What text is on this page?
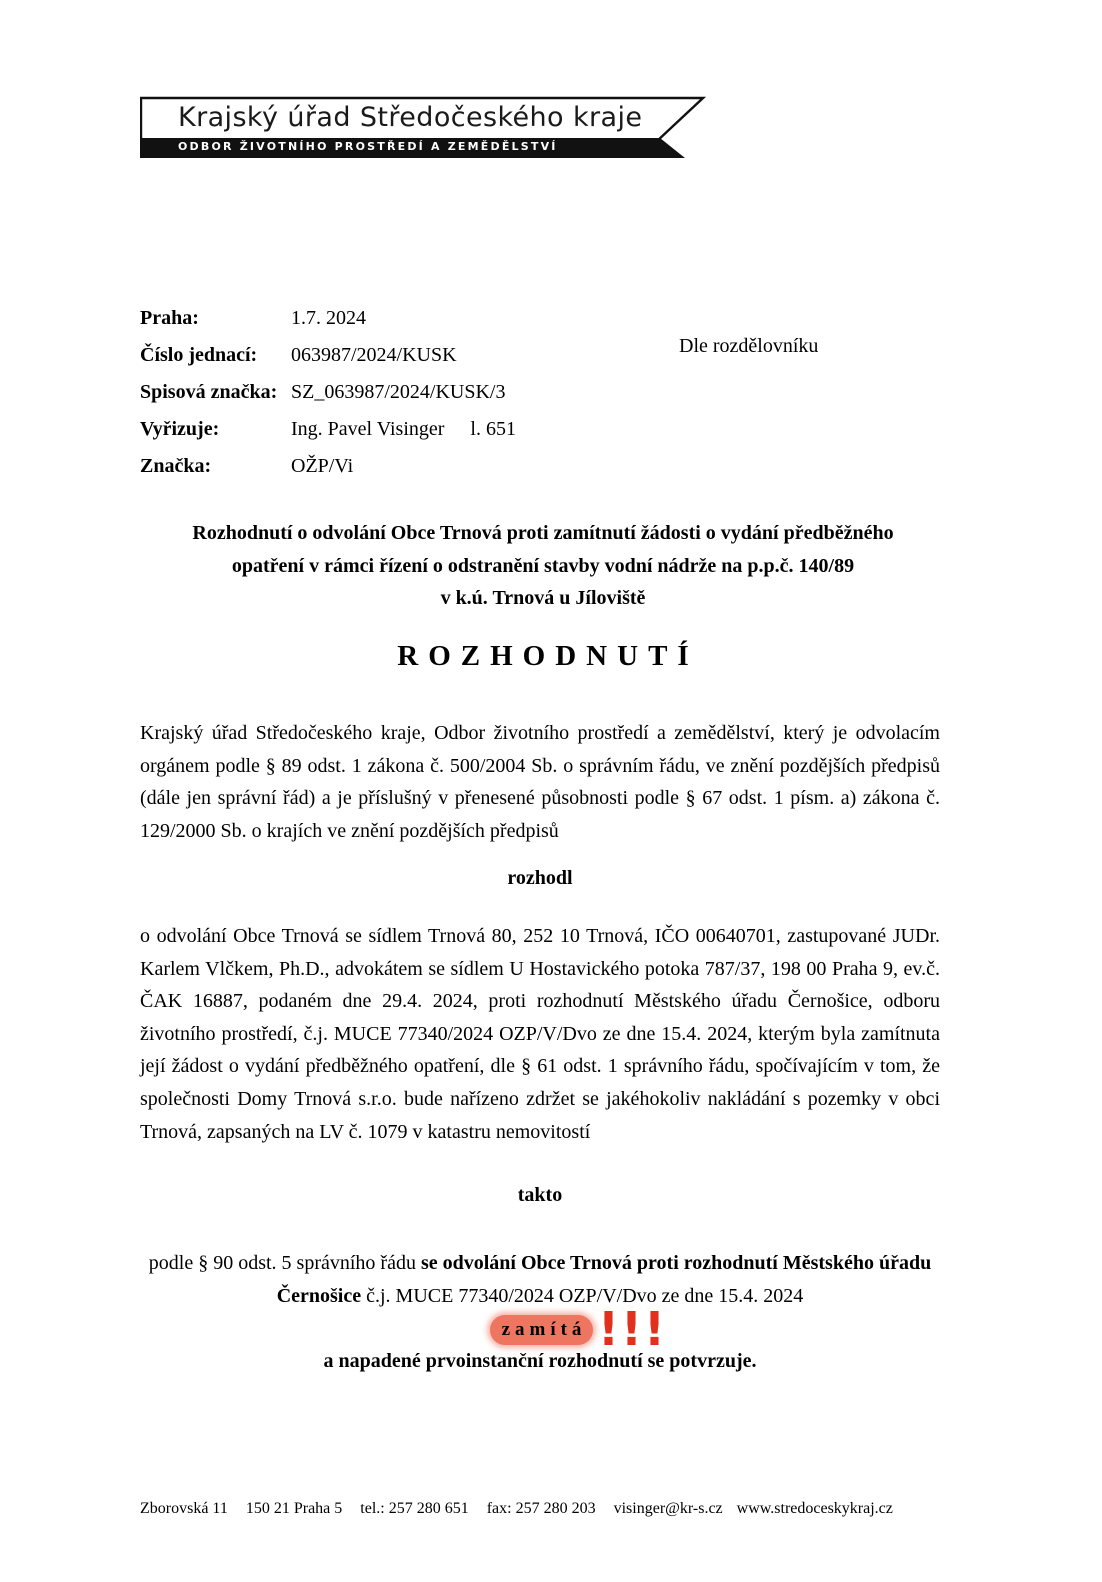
Krajský úřad Středočeského kraje
ODBOR ŽIVOTNÍHO PROSTŘEDÍ A ZEMĚDĚLSTVÍ
Praha:	1.7. 2024
Číslo jednací:	063987/2024/KUSK
Spisová značka: SZ_063987/2024/KUSK/3
Vyřizuje:	Ing. Pavel Visinger l. 651
Značka:	OŽP/Vi
Dle rozdělovníku
Rozhodnutí o odvolání Obce Trnová proti zamítnutí žádosti o vydání předběžného
opatření v rámci řízení o odstranění stavby vodní nádrže na p.p.č. 140/89
v k.ú. Trnová u Jíloviště
ROZHODNUTÍ
Krajský úřad Středočeského kraje, Odbor životního prostředí a zemědělství, který je odvolacím orgánem podle § 89 odst. 1 zákona č. 500/2004 Sb. o správním řádu, ve znění pozdějších předpisů (dále jen správní řád) a je příslušný v přenesené působnosti podle § 67 odst. 1 písm. a) zákona č. 129/2000 Sb. o krajích ve znění pozdějších předpisů
rozhodl
o odvolání Obce Trnová se sídlem Trnová 80, 252 10 Trnová, IČO 00640701, zastupované JUDr. Karlem Vlčkem, Ph.D., advokátem se sídlem U Hostavického potoka 787/37, 198 00 Praha 9, ev.č. ČAK 16887, podaném dne 29.4. 2024, proti rozhodnutí Městského úřadu Černošice, odboru životního prostředí, č.j. MUCE 77340/2024 OZP/V/Dvo ze dne 15.4. 2024, kterým byla zamítnuta její žádost o vydání předběžného opatření, dle § 61 odst. 1 správního řádu, spočívajícím v tom, že společnosti Domy Trnová s.r.o. bude nařízeno zdržet se jakéhokoliv nakládání s pozemky v obci Trnová, zapsaných na LV č. 1079 v katastru nemovitostí
takto
podle § 90 odst. 5 správního řádu se odvolání Obce Trnová proti rozhodnutí Městského úřadu Černošice č.j. MUCE 77340/2024 OZP/V/Dvo ze dne 15.4. 2024
zamítá !!!
a napadené prvoinstanční rozhodnutí se potvrzuje.
Zborovská 11 150 21 Praha 5 tel.: 257 280 651 fax: 257 280 203 visinger@kr-s.cz www.stredoceskykraj.cz
